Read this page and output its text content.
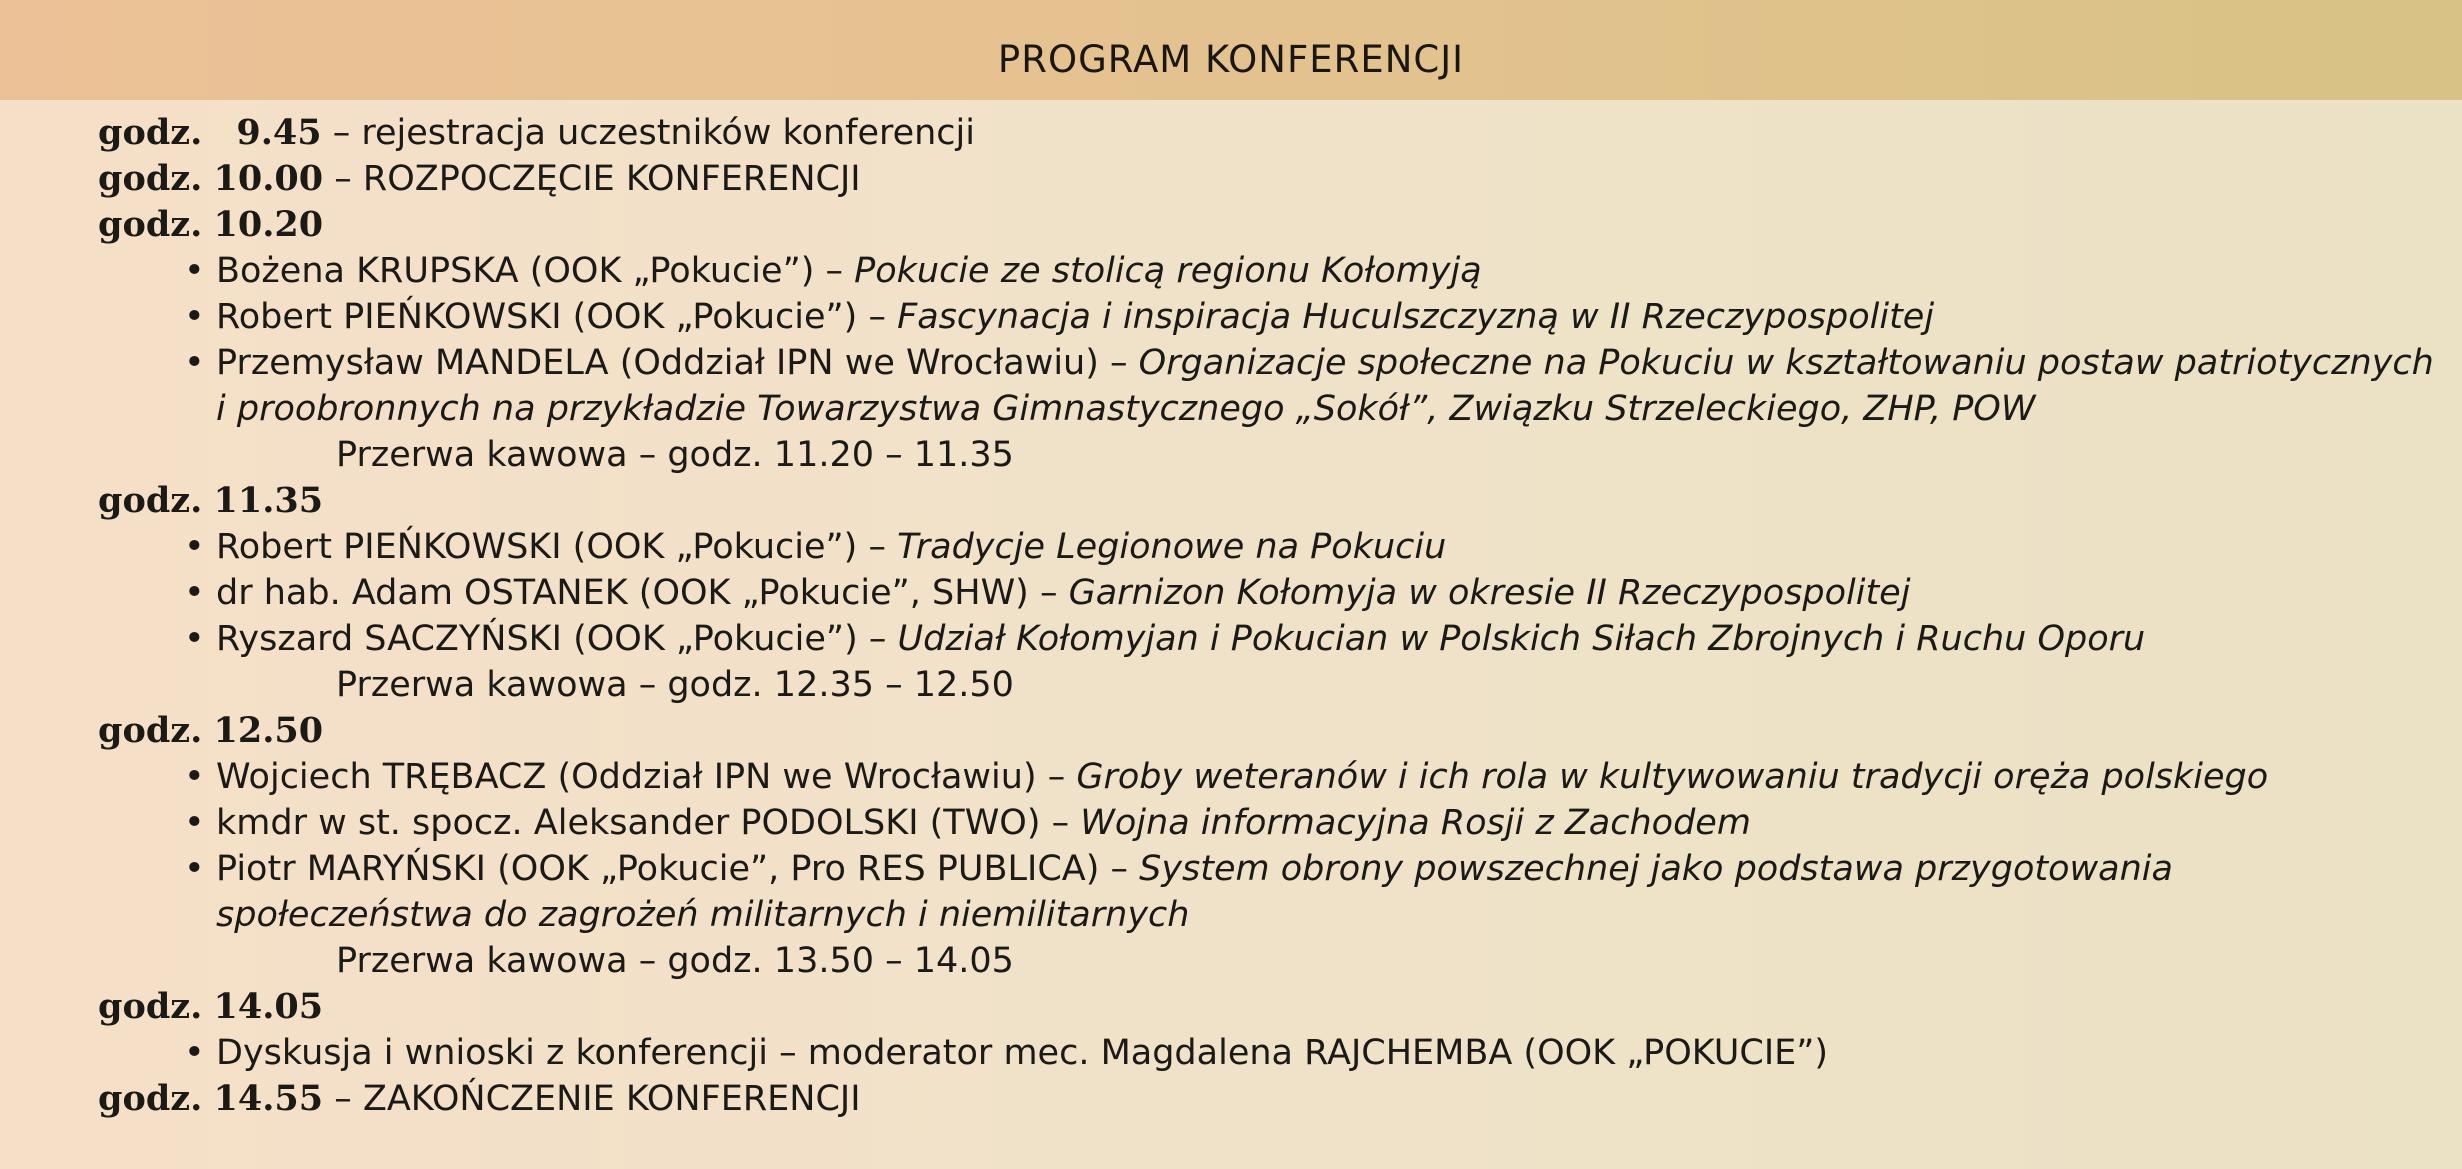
PROGRAM KONFERENCJI
godz. 9.45 – rejestracja uczestników konferencji
godz. 10.00 – ROZPOCZĘCIE KONFERENCJI
godz. 10.20
• Bożena KRUPSKA (OOK „Pokucie”) – Pokucie ze stolicą regionu Kołomyją
• Robert PIEŃKOWSKI (OOK „Pokucie”) – Fascynacja i inspiracja Huculszczyzną w II Rzeczypospolitej
• Przemysław MANDELA (Oddział IPN we Wrocławiu) – Organizacje społeczne na Pokuciu w kształtowaniu postaw patriotycznych
i proobronnych na przykładzie Towarzystwa Gimnastycznego „Sokół”, Związku Strzeleckiego, ZHP, POW
Przerwa kawowa – godz. 11.20 – 11.35
godz. 11.35
• Robert PIEŃKOWSKI (OOK „Pokucie”) – Tradycje Legionowe na Pokuciu
• dr hab. Adam OSTANEK (OOK „Pokucie”, SHW) – Garnizon Kołomyja w okresie II Rzeczypospolitej
• Ryszard SACZYŃSKI (OOK „Pokucie”) – Udział Kołomyjan i Pokucian w Polskich Siłach Zbrojnych i Ruchu Oporu
Przerwa kawowa – godz. 12.35 – 12.50
godz. 12.50
• Wojciech TRĘBACZ (Oddział IPN we Wrocławiu) – Groby weteranów i ich rola w kultywowaniu tradycji oręża polskiego
• kmdr w st. spocz. Aleksander PODOLSKI (TWO) – Wojna informacyjna Rosji z Zachodem
• Piotr MARYŃSKI (OOK „Pokucie”, Pro RES PUBLICA) – System obrony powszechnej jako podstawa przygotowania
społeczeństwa do zagrożeń militarnych i niemilitarnych
Przerwa kawowa – godz. 13.50 – 14.05
godz. 14.05
• Dyskusja i wnioski z konferencji – moderator mec. Magdalena RAJCHEMBA (OOK „POKUCIE”)
godz. 14.55 – ZAKOŃCZENIE KONFERENCJI
